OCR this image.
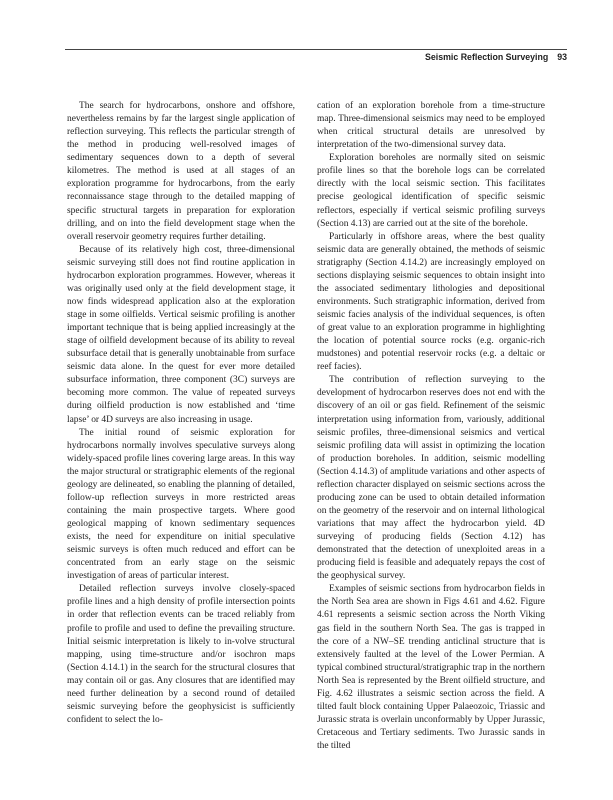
Seismic Reflection Surveying 93

The search for hydrocarbons, onshore and offshore, nevertheless remains by far the largest single application of reflection surveying. This reflects the particular strength of the method in producing well-resolved images of sedimentary sequences down to a depth of several kilometres. The method is used at all stages of an exploration programme for hydrocarbons, from the early reconnaissance stage through to the detailed mapping of specific structural targets in preparation for exploration drilling, and on into the field development stage when the overall reservoir geometry requires further detailing.

Because of its relatively high cost, three-dimensional seismic surveying still does not find routine application in hydrocarbon exploration programmes. However, whereas it was originally used only at the field development stage, it now finds widespread application also at the exploration stage in some oilfields. Vertical seismic profiling is another important technique that is being applied increasingly at the stage of oilfield development because of its ability to reveal subsurface detail that is generally unobtainable from surface seismic data alone. In the quest for ever more detailed subsurface information, three component (3C) surveys are becoming more common. The value of repeated surveys during oilfield production is now established and ‘time lapse’ or 4D surveys are also increasing in usage.

The initial round of seismic exploration for hydrocarbons normally involves speculative surveys along widely-spaced profile lines covering large areas. In this way the major structural or stratigraphic elements of the regional geology are delineated, so enabling the planning of detailed, follow-up reflection surveys in more restricted areas containing the main prospective targets. Where good geological mapping of known sedimentary sequences exists, the need for expenditure on initial speculative seismic surveys is often much reduced and effort can be concentrated from an early stage on the seismic investigation of areas of particular interest.

Detailed reflection surveys involve closely-spaced profile lines and a high density of profile intersection points in order that reflection events can be traced reliably from profile to profile and used to define the prevailing structure. Initial seismic interpretation is likely to in-volve structural mapping, using time-structure and/or isochron maps (Section 4.14.1) in the search for the structural closures that may contain oil or gas. Any closures that are identified may need further delineation by a second round of detailed seismic surveying before the geophysicist is sufficiently confident to select the lo-

cation of an exploration borehole from a time-structure map. Three-dimensional seismics may need to be employed when critical structural details are unresolved by interpretation of the two-dimensional survey data.

Exploration boreholes are normally sited on seismic profile lines so that the borehole logs can be correlated directly with the local seismic section. This facilitates precise geological identification of specific seismic reflectors, especially if vertical seismic profiling surveys (Section 4.13) are carried out at the site of the borehole.

Particularly in offshore areas, where the best quality seismic data are generally obtained, the methods of seismic stratigraphy (Section 4.14.2) are increasingly employed on sections displaying seismic sequences to obtain insight into the associated sedimentary lithologies and depositional environments. Such stratigraphic information, derived from seismic facies analysis of the individual sequences, is often of great value to an exploration programme in highlighting the location of potential source rocks (e.g. organic-rich mudstones) and potential reservoir rocks (e.g. a deltaic or reef facies).

The contribution of reflection surveying to the development of hydrocarbon reserves does not end with the discovery of an oil or gas field. Refinement of the seismic interpretation using information from, variously, additional seismic profiles, three-dimensional seismics and vertical seismic profiling data will assist in optimizing the location of production boreholes. In addition, seismic modelling (Section 4.14.3) of amplitude variations and other aspects of reflection character displayed on seismic sections across the producing zone can be used to obtain detailed information on the geometry of the reservoir and on internal lithological variations that may affect the hydrocarbon yield. 4D surveying of producing fields (Section 4.12) has demonstrated that the detection of unexploited areas in a producing field is feasible and adequately repays the cost of the geophysical survey.

Examples of seismic sections from hydrocarbon fields in the North Sea area are shown in Figs 4.61 and 4.62. Figure 4.61 represents a seismic section across the North Viking gas field in the southern North Sea. The gas is trapped in the core of a NW–SE trending anticlinal structure that is extensively faulted at the level of the Lower Permian. A typical combined structural/stratigraphic trap in the northern North Sea is represented by the Brent oilfield structure, and Fig. 4.62 illustrates a seismic section across the field. A tilted fault block containing Upper Palaeozoic, Triassic and Jurassic strata is overlain unconformably by Upper Jurassic, Cretaceous and Tertiary sediments. Two Jurassic sands in the tilted
